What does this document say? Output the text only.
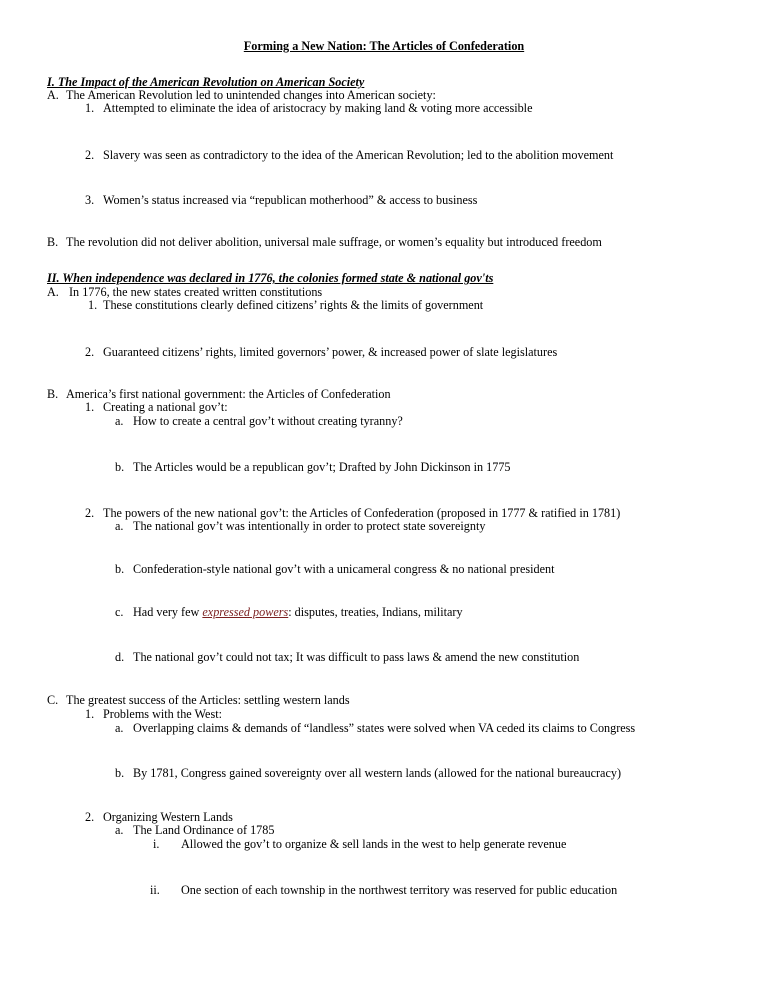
Forming a New Nation: The Articles of Confederation
I. The Impact of the American Revolution on American Society
A. The American Revolution led to unintended changes into American society:
1. Attempted to eliminate the idea of aristocracy by making land & voting more accessible
2. Slavery was seen as contradictory to the idea of the American Revolution; led to the abolition movement
3. Women’s status increased via “republican motherhood” & access to business
B. The revolution did not deliver abolition, universal male suffrage, or women’s equality but introduced freedom
II. When independence was declared in 1776, the colonies formed state & national gov'ts
A. In 1776, the new states created written constitutions
1. These constitutions clearly defined citizens’ rights & the limits of government
2. Guaranteed citizens’ rights, limited governors’ power, & increased power of slate legislatures
B. America’s first national government: the Articles of Confederation
1. Creating a national gov’t:
a. How to create a central gov’t without creating tyranny?
b. The Articles would be a republican gov’t; Drafted by John Dickinson in 1775
2. The powers of the new national gov’t: the Articles of Confederation (proposed in 1777 & ratified in 1781)
a. The national gov’t was intentionally in order to protect state sovereignty
b. Confederation-style national gov’t with a unicameral congress & no national president
c. Had very few expressed powers: disputes, treaties, Indians, military
d. The national gov’t could not tax; It was difficult to pass laws & amend the new constitution
C. The greatest success of the Articles: settling western lands
1. Problems with the West:
a. Overlapping claims & demands of “landless” states were solved when VA ceded its claims to Congress
b. By 1781, Congress gained sovereignty over all western lands (allowed for the national bureaucracy)
2. Organizing Western Lands
a. The Land Ordinance of 1785
i. Allowed the gov’t to organize & sell lands in the west to help generate revenue
ii. One section of each township in the northwest territory was reserved for public education
